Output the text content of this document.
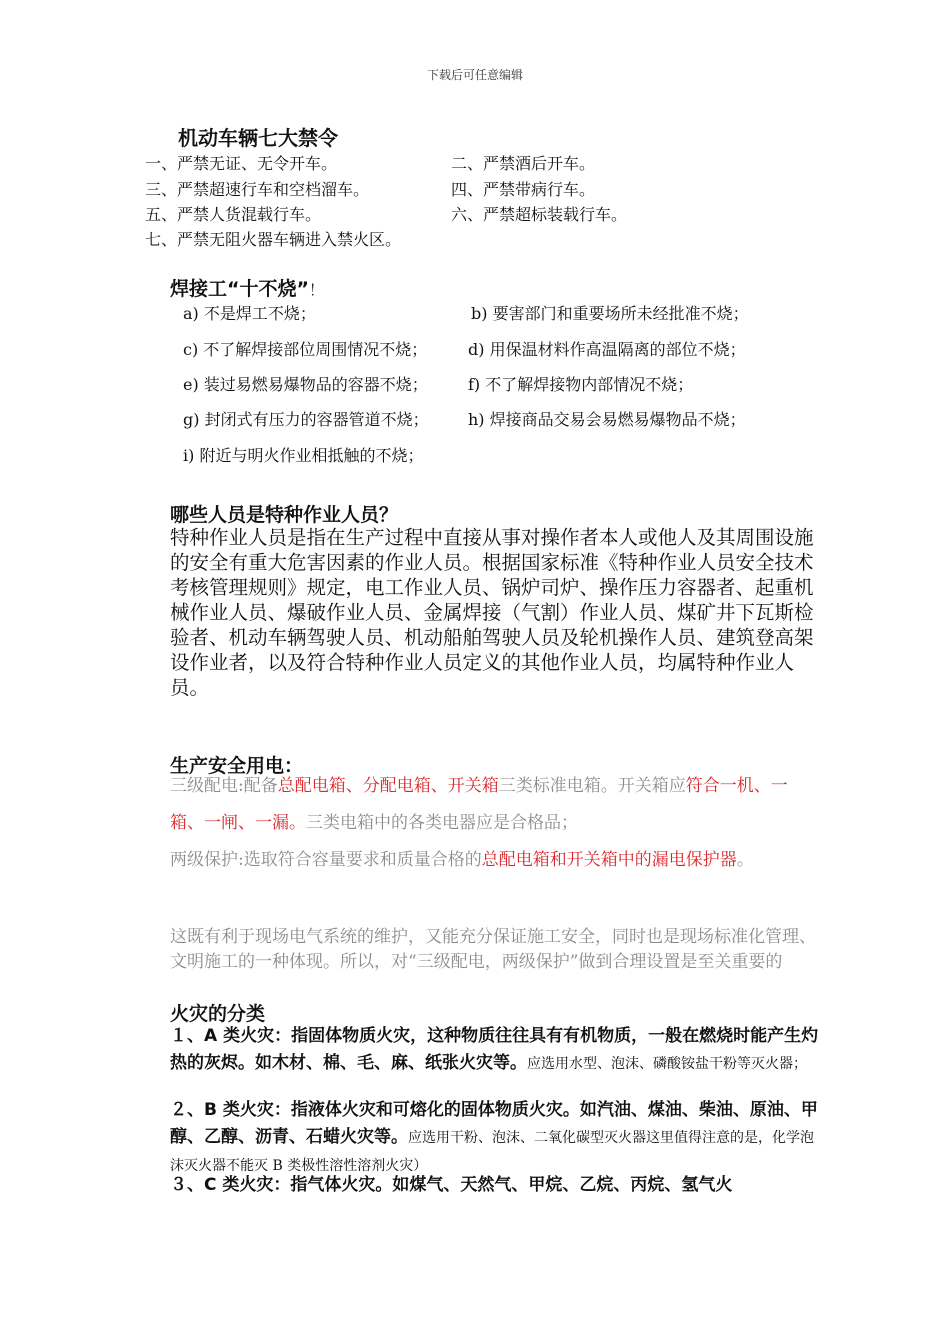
下载后可任意编辑
机动车辆七大禁令
一、严禁无证、无令开车。	二、严禁酒后开车。
三、严禁超速行车和空档溜车。	四、严禁带病行车。
五、严禁人货混载行车。	六、严禁超标装载行车。
七、严禁无阻火器车辆进入禁火区。
焊接工“十不烧”！
a) 不是焊工不烧；	b) 要害部门和重要场所未经批准不烧；
c) 不了解焊接部位周围情况不烧；	d) 用保温材料作高温隔离的部位不烧；
e) 装过易燃易爆物品的容器不烧；	f) 不了解焊接物内部情况不烧；
g) 封闭式有压力的容器管道不烧； h) 焊接商品交易会易燃易爆物品不烧；
i) 附近与明火作业相抵触的不烧；
哪些人员是特种作业人员？

特种作业人员是指在生产过程中直接从事对操作者本人或他人及其周围设施的安全有重大危害因素的作业人员。根据国家标准《特种作业人员安全技术考核管理规则》规定，电工作业人员、锅炉司炉、操作压力容器者、起重机械作业人员、爆破作业人员、金属焊接（气割）作业人员、煤矿井下瓦斯检验者、机动车辆驾驶人员、机动船舶驾驶人员及轮机操作人员、建筑登高架设作业者，以及符合特种作业人员定义的其他作业人员，均属特种作业人员。

生产安全用电：
三级配电:配备总配电箱、分配电箱、开关箱三类标准电箱。开关箱应符合一机、一箱、一闸、一漏。三类电箱中的各类电器应是合格品；
两级保护:选取符合容量要求和质量合格的总配电箱和开关箱中的漏电保护器。
这既有利于现场电气系统的维护，又能充分保证施工安全，同时也是现场标准化管理、文明施工的一种体现。所以，对“三级配电，两级保护”做到合理设置是至关重要的
火灾的分类
１、A 类火灾：指固体物质火灾，这种物质往往具有有机物质，一般在燃烧时能产生灼热的灰烬。如木材、棉、毛、麻、纸张火灾等。应选用水型、泡沫、磷酸铵盐干粉等灭火器；
２、B 类火灾：指液体火灾和可熔化的固体物质火灾。如汽油、煤油、柴油、原油、甲醇、乙醇、沥青、石蜡火灾等。应选用干粉、泡沫、二氧化碳型灭火器这里值得注意的是，化学泡沫灭火器不能灭 B 类极性溶性溶剂火灾）
３、C 类火灾：指气体火灾。如煤气、天然气、甲烷、乙烷、丙烷、氢气火
